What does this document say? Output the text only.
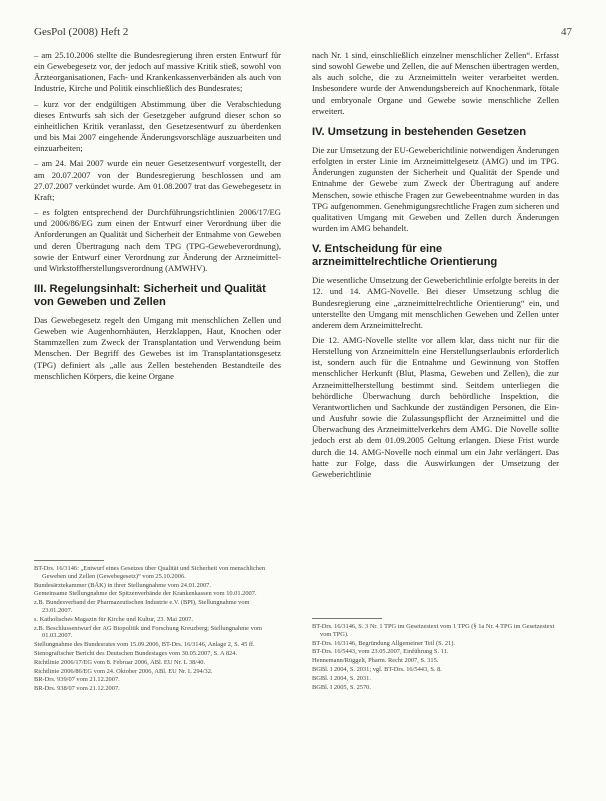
GesPol (2008) Heft 2	47

– am 25.10.2006 stellte die Bundesregierung ihren ersten Entwurf für ein Gewebegesetz vor, der jedoch auf massive Kritik stieß, sowohl von Ärzteorganisationen, Fach- und Krankenkassenverbänden als auch von Industrie, Kirche und Politik einschließlich des Bundesrates;

– kurz vor der endgültigen Abstimmung über die Verabschiedung dieses Entwurfs sah sich der Gesetzgeber aufgrund dieser schon so einheitlichen Kritik veranlasst, den Gesetzesentwurf zu überdenken und bis Mai 2007 eingehende Änderungsvorschläge auszuarbeiten und einzuarbeiten;

– am 24. Mai 2007 wurde ein neuer Gesetzesentwurf vorgestellt, der am 20.07.2007 von der Bundesregierung beschlossen und am 27.07.2007 verkündet wurde. Am 01.08.2007 trat das Gewebegesetz in Kraft;

– es folgten entsprechend der Durchführungsrichtlinien 2006/17/EG und 2006/86/EG zum einen der Entwurf einer Verordnung über die Anforderungen an Qualität und Sicherheit der Entnahme von Geweben und deren Übertragung nach dem TPG (TPG-Gewebeverordnung), sowie der Entwurf einer Verordnung zur Änderung der Arzneimittel- und Wirkstoffherstellungsverordnung (AMWHV).

III. Regelungsinhalt: Sicherheit und Qualität von Geweben und Zellen

Das Gewebegesetz regelt den Umgang mit menschlichen Zellen und Geweben wie Augenhornhäuten, Herzklappen, Haut, Knochen oder Stammzellen zum Zweck der Transplantation und Verwendung beim Menschen. Der Begriff des Gewebes ist im Transplantationsgesetz (TPG) definiert als „alle aus Zellen bestehenden Bestandteile des menschlichen Körpers, die keine Organe

BT-Drs. 16/3146: „Entwurf eines Gesetzes über Qualität und Sicherheit von menschlichen Geweben und Zellen (Gewebegesetz)“ vom 25.10.2006.
Bundesärztekammer (BÄK) in ihrer Stellungnahme vom 24.01.2007.
Gemeinsame Stellungnahme der Spitzenverbände der Krankenkassen vom 10.01.2007.
z.B. Bundesverband der Pharmazeutischen Industrie e.V. (BPI), Stellungnahme vom 23.01.2007.
s. Katholisches Magazin für Kirche und Kultur, 23. Mai 2007.
z.B. Beschlussentwurf der AG Biopolitik und Forschung Kreuzberg; Stellungnahme vom 01.03.2007.
Stellungnahme des Bundesrates vom 15.09.2006, BT-Drs. 16/3146, Anlage 2, S. 45 ff.
Stenografischer Bericht des Deutschen Bundestages vom 30.05.2007, S. A 824.
Richtlinie 2006/17/EG vom 8. Februar 2006, ABl. EU Nr. L 38/40.
Richtlinie 2006/86/EG vom 24. Oktober 2006, ABl. EU Nr. L 294/32.
BR-Drs. 939/07 vom 21.12.2007.
BR-Drs. 938/07 vom 21.12.2007.

nach Nr. 1 sind, einschließlich einzelner menschlicher Zellen“. Erfasst sind sowohl Gewebe und Zellen, die auf Menschen übertragen werden, als auch solche, die zu Arzneimitteln weiter verarbeitet werden. Insbesondere wurde der Anwendungsbereich auf Knochenmark, fötale und embryonale Organe und Gewebe sowie menschliche Zellen erweitert.

IV. Umsetzung in bestehenden Gesetzen

Die zur Umsetzung der EU-Geweberichtlinie notwendigen Änderungen erfolgten in erster Linie im Arzneimittelgesetz (AMG) und im TPG. Änderungen zugunsten der Sicherheit und Qualität der Spende und Entnahme der Gewebe zum Zweck der Übertragung auf andere Menschen, sowie ethische Fragen zur Gewebeentnahme wurden in das TPG aufgenommen. Genehmigungsrechtliche Fragen zum sicheren und qualitativen Umgang mit Geweben und Zellen durch Änderungen wurden im AMG behandelt.

V. Entscheidung für eine arzneimittelrechtliche Orientierung

Die wesentliche Umsetzung der Geweberichtlinie erfolgte bereits in der 12. und 14. AMG-Novelle. Bei dieser Umsetzung schlug die Bundesregierung eine „arzneimittelrechtliche Orientierung“ ein, und unterstellte den Umgang mit menschlichen Geweben und Zellen unter anderem dem Arzneimittelrecht.

Die 12. AMG-Novelle stellte vor allem klar, dass nicht nur für die Herstellung von Arzneimitteln eine Herstellungserlaubnis erforderlich ist, sondern auch für die Entnahme und Gewinnung von Stoffen menschlicher Herkunft (Blut, Plasma, Geweben und Zellen), die zur Arzneimittelherstellung bestimmt sind. Seitdem unterliegen die behördliche Überwachung durch behördliche Inspektion, die Verantwortlichen und Sachkunde der zuständigen Personen, die Ein- und Ausfuhr sowie die Zulassungspflicht der Arzneimittel und die Überwachung des Arzneimittelverkehrs dem AMG. Die Novelle sollte jedoch erst ab dem 01.09.2005 Geltung erlangen. Diese Frist wurde durch die 14. AMG-Novelle noch einmal um ein Jahr verlängert. Das hatte zur Folge, dass die Auswirkungen der Umsetzung der Geweberichtlinie

BT-Drs. 16/3146, S. 3 Nr. 1 TPG im Gesetzestext vom 1 TPG (§ 1a Nr. 4 TPG im Gesetzestext vom TPG).
BT-Drs. 16/3146, Begründung Allgemeiner Teil (S. 21).
BT-Drs. 16/5443, vom 23.05.2007, Einführung S. 11.
Hennemann/Rüggelt, Pharm. Recht 2007, S. 315.
BGBl. I 2004, S. 2031; vgl. BT-Drs. 16/5443, S. 8.
BGBl. I 2004, S. 2031.
BGBl. I 2005, S. 2570.
